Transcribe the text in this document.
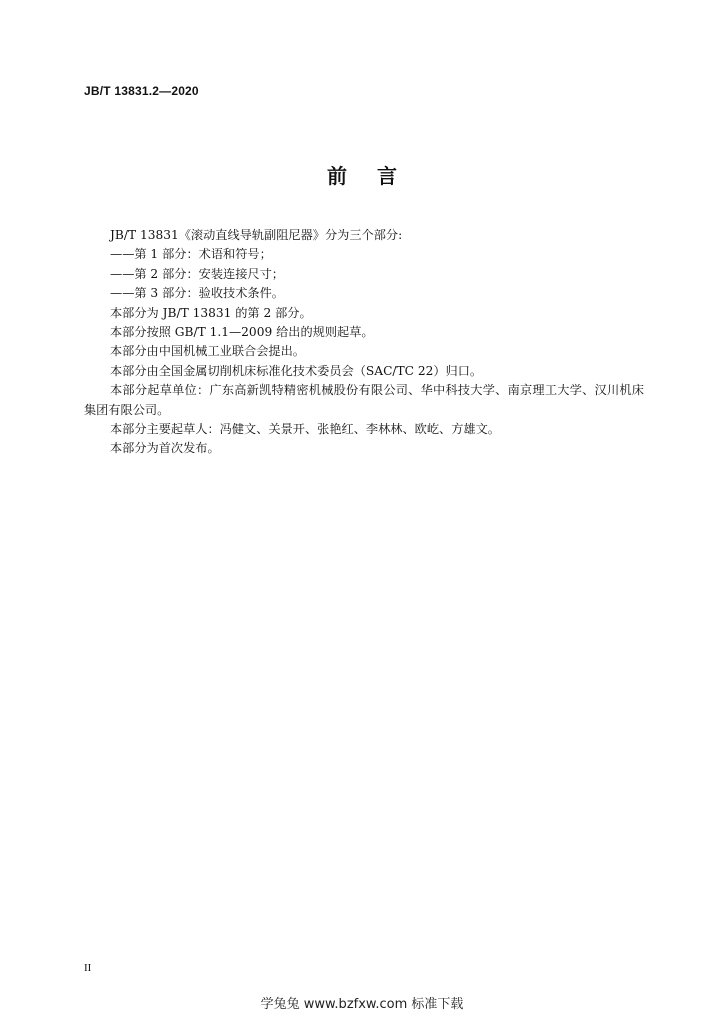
JB/T 13831.2—2020
前言

JB/T 13831《滚动直线导轨副阻尼器》分为三个部分:

——第 1 部分：术语和符号；

——第 2 部分：安装连接尺寸；

——第 3 部分：验收技术条件。

本部分为 JB/T 13831 的第 2 部分。

本部分按照 GB/T 1.1—2009 给出的规则起草。

本部分由中国机械工业联合会提出。

本部分由全国金属切削机床标准化技术委员会（SAC/TC 22）归口。

本部分起草单位：广东高新凯特精密机械股份有限公司、华中科技大学、南京理工大学、汉川机床集团有限公司。

本部分主要起草人：冯健文、关景开、张艳红、李林林、欧屹、方雄文。

本部分为首次发布。

II
学兔兔 www.bzfxw.com 标准下载
